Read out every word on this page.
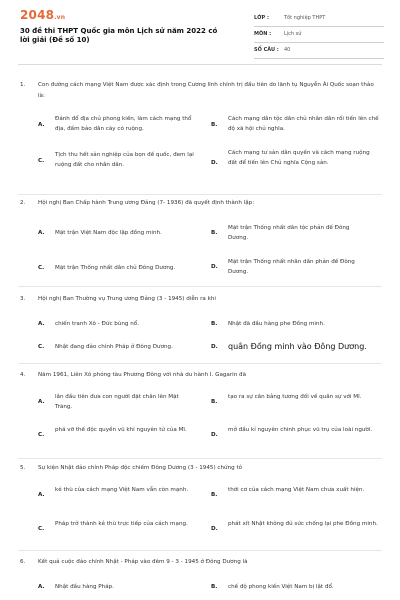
2048.vn
30 đề thi THPT Quốc gia môn Lịch sử năm 2022 có lời giải (Đề số 10)
LỚP :	Tốt nghiệp THPT
MÔN :	Lịch sử
SỐ CÂU : 40
1. Con đường cách mạng Việt Nam được xác định trong Cương lĩnh chính trị đầu tiên do lãnh tụ Nguyễn Ái Quốc soạn thảo là:
A.
Đánh đổ địa chủ phong kiến, làm cách mạng thổ địa, đấm bảo dân cày có ruộng.
B.
Cách mạng dân tộc dân chủ nhân dân rồi tiến lên chế độ xã hội chủ nghĩa.
C.
Tịch thu hết sản nghiệp của bọn đế quốc, đem lại ruộng đất cho nhân dân.	D.
Cách mạng tư sản dân quyền và cách mạng ruộng đất để tiến lên Chủ nghĩa Cộng sản.
2. Hội nghị Ban Chấp hành Trung ương Đảng (7- 1936) đã quyết định thành lập:
A. Mặt trận Việt Nam độc lập đồng minh.	B.
Mặt trận Thống nhất dân tộc phản đế Đông Dương.
C. Mặt trận Thống nhất dân chủ Đông Dương.	D.
Mặt trận Thống nhất nhân dân phản đế Đông Dương.
3. Hội nghị Ban Thường vụ Trung ương Đảng (3 - 1945) diễn ra khi
A. chiến tranh Xô - Đức bùng nổ.	B. Nhật đã đầu hàng phe Đồng minh.
C. Nhật đang đảo chính Pháp ở Đông Dương.	D. quân Đồng minh vào Đông Dương.
4. Năm 1961, Liên Xô phóng tàu Phương Đông với nhà du hành I. Gagarin đã
A.
lần đầu tiên đưa con người đặt chân lên Mặt Trăng.
B.
tạo ra sự cân bằng tương đối về quân sự với Mĩ.
C.
phá vỡ thế độc quyền vũ khí nguyên tử của Mĩ.
D.
mở đầu kỉ nguyên chinh phục vũ trụ của loài người.
5. Sự kiện Nhật đảo chính Pháp độc chiếm Đông Dương (3 - 1945) chứng tỏ
A.
kẻ thù của cách mạng Việt Nam vẫn còn mạnh.
B.
thời cơ của cách mạng Việt Nam chưa xuất hiện.
C.
Pháp trở thành kẻ thù trực tiếp của cách mạng.
D.
phát xít Nhật không đủ sức chống lại phe Đồng minh.
6. Kết quả cuộc đảo chính Nhật - Pháp vào đêm 9 - 3 - 1945 ở Đông Dương là
A. Nhật đầu hàng Pháp.	B. chế độ phong kiến Việt Nam bị lật đổ.
